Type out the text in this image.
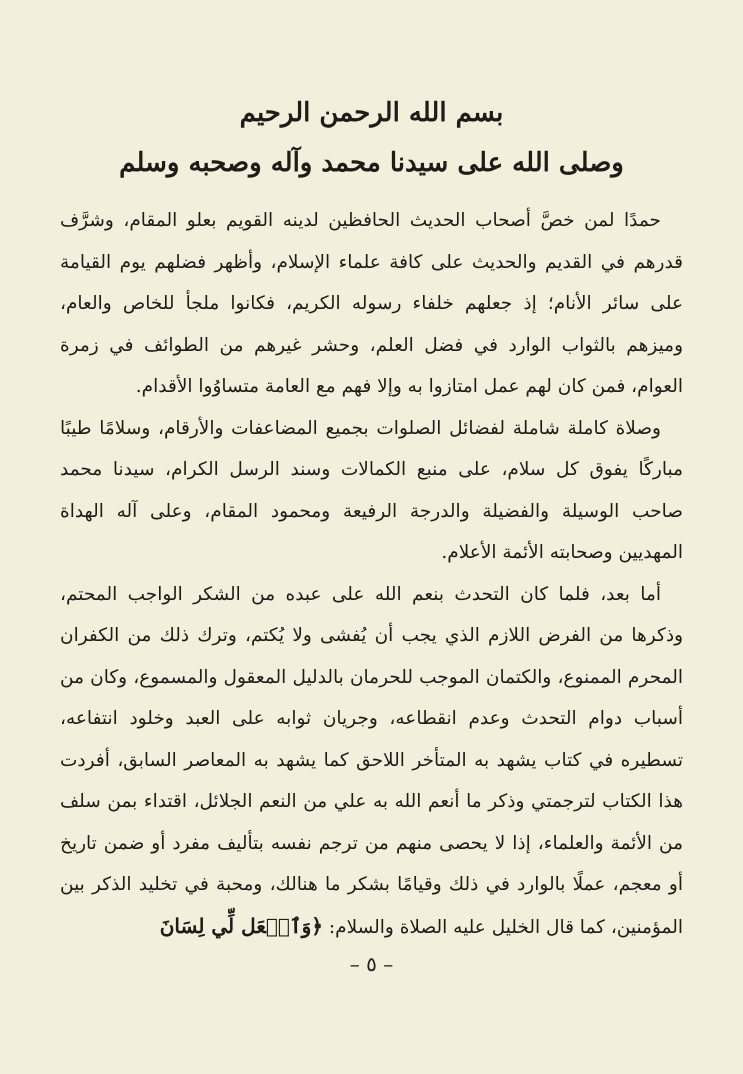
بسم الله الرحمن الرحيم
وصلى الله على سيدنا محمد وآله وصحبه وسلم

حمدًا لمن خصَّ أصحاب الحديث الحافظين لدينه القويم بعلو المقام، وشرَّف قدرهم في القديم والحديث على كافة علماء الإسلام، وأظهر فضلهم يوم القيامة على سائر الأنام؛ إذ جعلهم خلفاء رسوله الكريم، فكانوا ملجأ للخاص والعام، وميزهم بالثواب الوارد في فضل العلم، وحشر غيرهم من الطوائف في زمرة العوام، فمن كان لهم عمل امتازوا به وإلا فهم مع العامة متساوُوا الأقدام.

وصلاة كاملة شاملة لفضائل الصلوات بجميع المضاعفات والأرقام، وسلامًا طيبًا مباركًا يفوق كل سلام، على منبع الكمالات وسند الرسل الكرام، سيدنا محمد صاحب الوسيلة والفضيلة والدرجة الرفيعة ومحمود المقام، وعلى آله الهداة المهديين وصحابته الأئمة الأعلام.

أما بعد، فلما كان التحدث بنعم الله على عبده من الشكر الواجب المحتم، وذكرها من الفرض اللازم الذي يجب أن يُفشى ولا يُكتم، وترك ذلك من الكفران المحرم الممنوع، والكتمان الموجب للحرمان بالدليل المعقول والمسموع، وكان من أسباب دوام التحدث وعدم انقطاعه، وجريان ثوابه على العبد وخلود انتفاعه، تسطيره في كتاب يشهد به المتأخر اللاحق كما يشهد به المعاصر السابق، أفردت هذا الكتاب لترجمتي وذكر ما أنعم الله به علي من النعم الجلائل، اقتداء بمن سلف من الأئمة والعلماء، إذا لا يحصى منهم من ترجم نفسه بتأليف مفرد أو ضمن تاريخ أو معجم، عملًا بالوارد في ذلك وقيامًا بشكر ما هنالك، ومحبة في تخليد الذكر بين المؤمنين، كما قال الخليل عليه الصلاة والسلام: ﴿وَٱجۡعَل لِّي لِسَانَ

– ٥ –
